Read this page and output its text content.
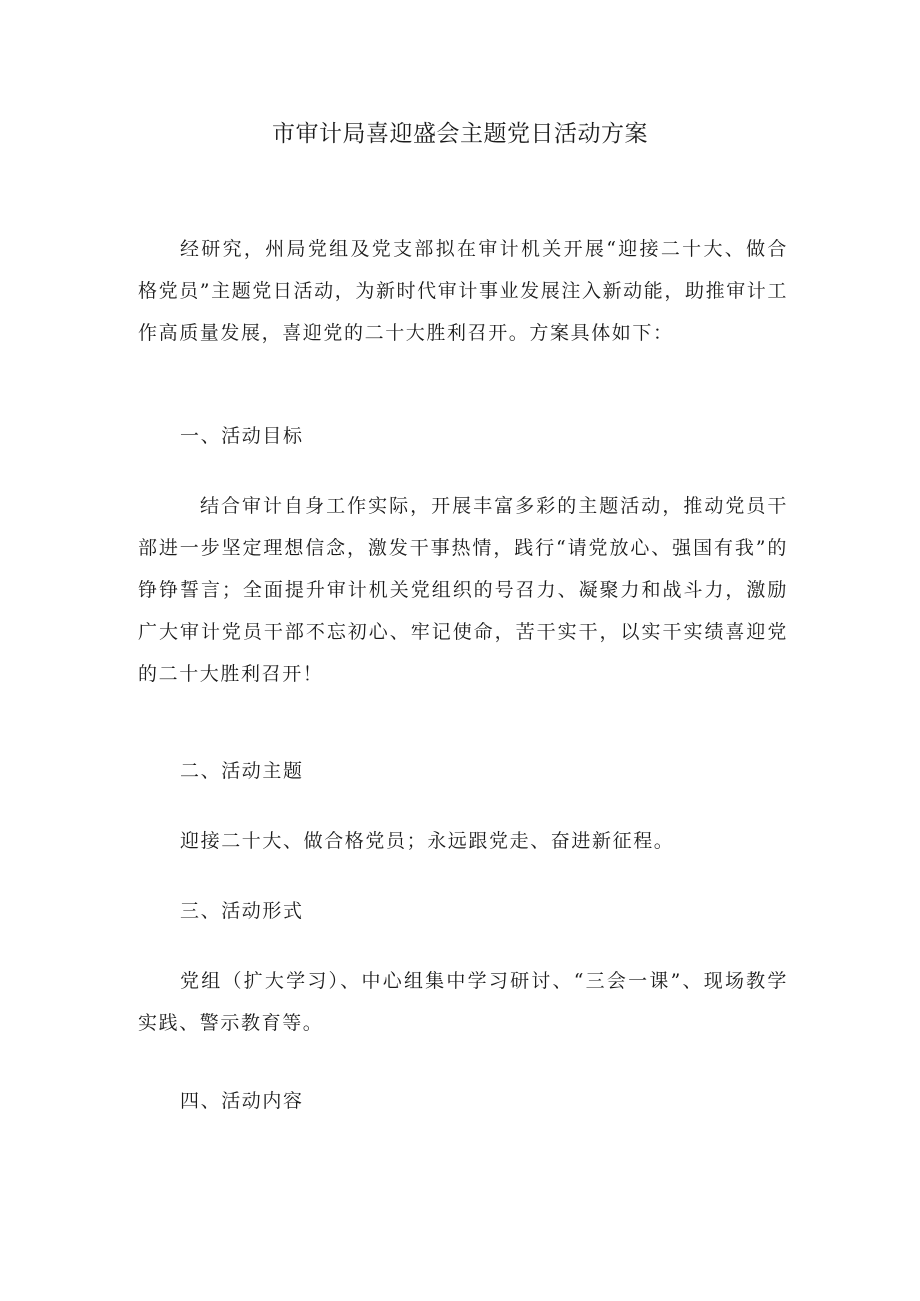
市审计局喜迎盛会主题党日活动方案

经研究，州局党组及党支部拟在审计机关开展“迎接二十大、做合格党员”主题党日活动，为新时代审计事业发展注入新动能，助推审计工作高质量发展，喜迎党的二十大胜利召开。方案具体如下：

一、活动目标

结合审计自身工作实际，开展丰富多彩的主题活动，推动党员干部进一步坚定理想信念，激发干事热情，践行“请党放心、强国有我”的铮铮誓言；全面提升审计机关党组织的号召力、凝聚力和战斗力，激励广大审计党员干部不忘初心、牢记使命，苦干实干，以实干实绩喜迎党的二十大胜利召开！

二、活动主题

迎接二十大、做合格党员；永远跟党走、奋进新征程。

三、活动形式

党组（扩大学习）、中心组集中学习研讨、“三会一课”、现场教学实践、警示教育等。

四、活动内容
